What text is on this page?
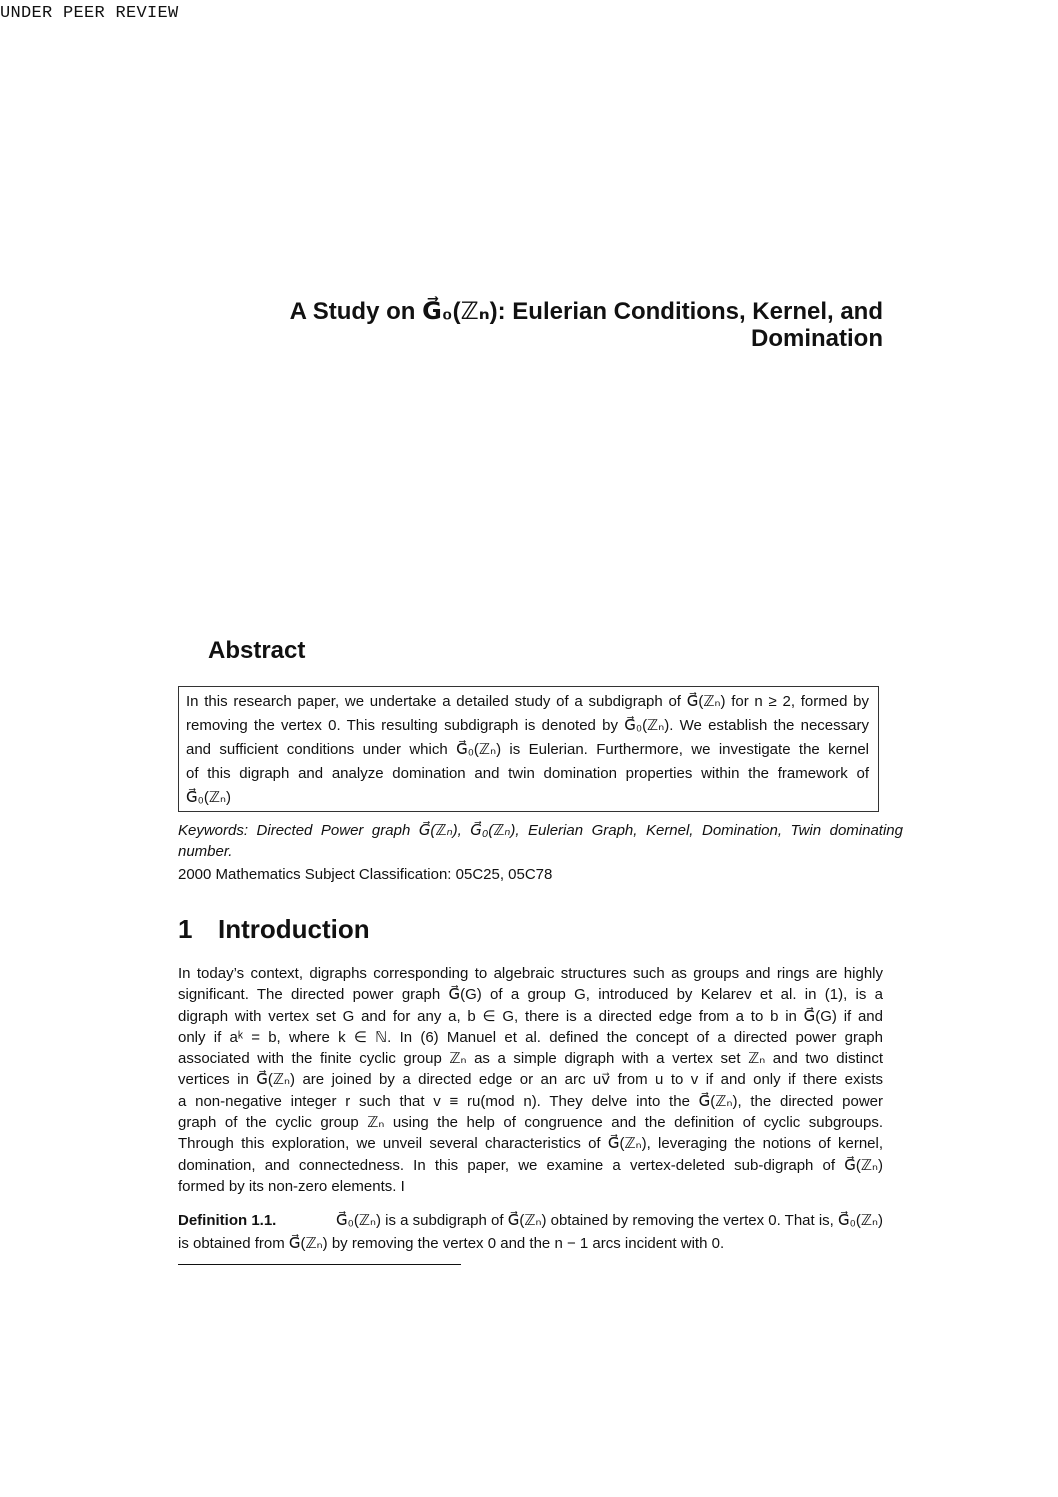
UNDER PEER REVIEW
A Study on G⃗₀(ℤₙ): Eulerian Conditions, Kernel, and
Domination
Abstract
In this research paper, we undertake a detailed study of a subdigraph of G⃗(ℤₙ) for n ≥ 2, formed by
removing the vertex 0. This resulting subdigraph is denoted by G⃗₀(ℤₙ). We establish the necessary
and sufficient conditions under which G⃗₀(ℤₙ) is Eulerian. Furthermore, we investigate the kernel
of this digraph and analyze domination and twin domination properties within the framework of
G⃗₀(ℤₙ)
Keywords: Directed Power graph G⃗(ℤₙ), G⃗₀(ℤₙ), Eulerian Graph, Kernel, Domination, Twin dominating
number.
2000 Mathematics Subject Classification: 05C25, 05C78
1 Introduction
In today’s context, digraphs corresponding to algebraic structures such as groups and rings are highly
significant. The directed power graph G⃗(G) of a group G, introduced by Kelarev et al. in (1), is a
digraph with vertex set G and for any a, b ∈ G, there is a directed edge from a to b in G⃗(G) if and
only if aᵏ = b, where k ∈ ℕ. In (6) Manuel et al. defined the concept of a directed power graph
associated with the finite cyclic group ℤₙ as a simple digraph with a vertex set ℤₙ and two distinct
vertices in G⃗(ℤₙ) are joined by a directed edge or an arc uv⃗ from u to v if and only if there exists
a non-negative integer r such that v ≡ ru(mod n). They delve into the G⃗(ℤₙ), the directed power
graph of the cyclic group ℤₙ using the help of congruence and the definition of cyclic subgroups.
Through this exploration, we unveil several characteristics of G⃗(ℤₙ), leveraging the notions of kernel,
domination, and connectedness. In this paper, we examine a vertex-deleted sub-digraph of G⃗(ℤₙ)
formed by its non-zero elements. I
Definition 1.1.	G⃗₀(ℤₙ) is a subdigraph of G⃗(ℤₙ) obtained by removing the vertex 0. That is, G⃗₀(ℤₙ)
is obtained from G⃗(ℤₙ) by removing the vertex 0 and the n − 1 arcs incident with 0.
